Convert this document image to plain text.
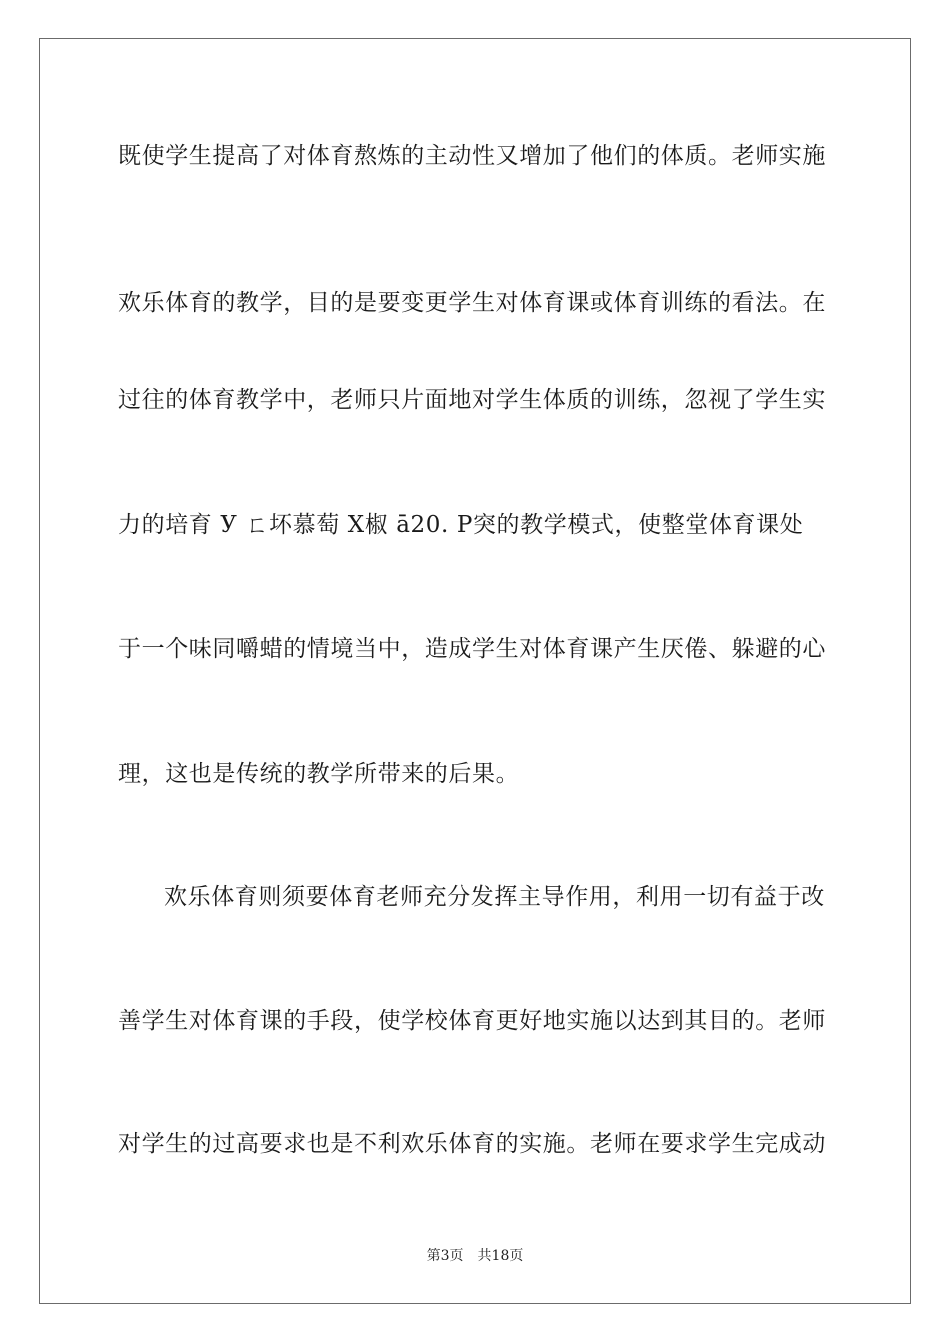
既使学生提高了对体育熬炼的主动性又增加了他们的体质。老师实施
欢乐体育的教学，目的是要变更学生对体育课或体育训练的看法。在
过往的体育教学中，老师只片面地对学生体质的训练，忽视了学生实
力的培育 У ㄈ坏慕萄 Х椒 ā20. Р突的教学模式，使整堂体育课处
于一个味同嚼蜡的情境当中，造成学生对体育课产生厌倦、躲避的心
理，这也是传统的教学所带来的后果。
欢乐体育则须要体育老师充分发挥主导作用，利用一切有益于改
善学生对体育课的手段，使学校体育更好地实施以达到其目的。老师
对学生的过高要求也是不利欢乐体育的实施。老师在要求学生完成动
第3页 共18页
